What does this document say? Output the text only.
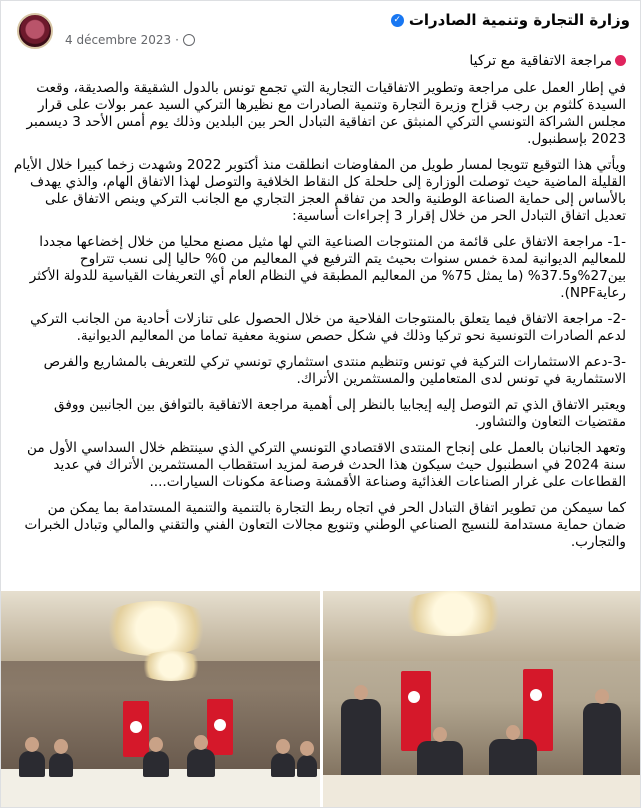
وزارة التجارة وتنمية الصادرات
✓
4 décembre 2023 ·

مراجعة الاتفاقية مع تركيا

في إطار العمل على مراجعة وتطوير الاتفاقيات التجارية التي تجمع تونس بالدول الشقيقة والصديقة، وقعت السيدة كلثوم بن رجب قزاح وزيرة التجارة وتنمية الصادرات مع نظيرها التركي السيد عمر بولات على قرار مجلس الشراكة التونسي التركي المنبثق عن اتفاقية التبادل الحر بين البلدين وذلك يوم أمس الأحد 3 ديسمبر 2023 بإسطنبول.

ويأتي هذا التوقيع تتويجا لمسار طويل من المفاوضات انطلقت منذ أكتوبر 2022 وشهدت زخما كبيرا خلال الأيام القليلة الماضية حيث توصلت الوزارة إلى حلحلة كل النقاط الخلافية والتوصل لهذا الاتفاق الهام، والذي يهدف بالأساس إلى حماية الصناعة الوطنية والحد من تفاقم العجز التجاري مع الجانب التركي وينص الاتفاق على تعديل اتفاق التبادل الحر من خلال إقرار 3 إجراءات أساسية:

-1- مراجعة الاتفاق على قائمة من المنتوجات الصناعية التي لها مثيل مصنع محليا من خلال إخضاعها مجددا للمعاليم الديوانية لمدة خمس سنوات بحيث يتم الترفيع في المعاليم من 0% حاليا إلى نسب تتراوح بين27%و37.5% (ما يمثل 75% من المعاليم المطبقة في النظام العام أي التعريفات القياسية للدولة الأكثر رعايةNPF).

-2- مراجعة الاتفاق فيما يتعلق بالمنتوجات الفلاحية من خلال الحصول على تنازلات أحادية من الجانب التركي لدعم الصادرات التونسية نحو تركيا وذلك في شكل حصص سنوية معفية تماما من المعاليم الديوانية.

-3-دعم الاستثمارات التركية في تونس وتنظيم منتدى استثماري تونسي تركي للتعريف بالمشاريع والفرص الاستثمارية في تونس لدى المتعاملين والمستثمرين الأتراك.

ويعتبر الاتفاق الذي تم التوصل إليه إيجابيا بالنظر إلى أهمية مراجعة الاتفاقية بالتوافق بين الجانبين ووفق مقتضيات التعاون والتشاور.

وتعهد الجانبان بالعمل على إنجاح المنتدى الاقتصادي التونسي التركي الذي سينتظم خلال السداسي الأول من سنة 2024 في اسطنبول حيث سيكون هذا الحدث فرصة لمزيد استقطاب المستثمرين الأتراك في عديد القطاعات على غرار الصناعات الغذائية وصناعة الأقمشة وصناعة مكونات السيارات....

كما سيمكن من تطوير اتفاق التبادل الحر في اتجاه ربط التجارة بالتنمية والتنمية المستدامة بما يمكن من ضمان حماية مستدامة للنسيج الصناعي الوطني وتنويع مجالات التعاون الفني والتقني والمالي وتبادل الخبرات والتجارب.
